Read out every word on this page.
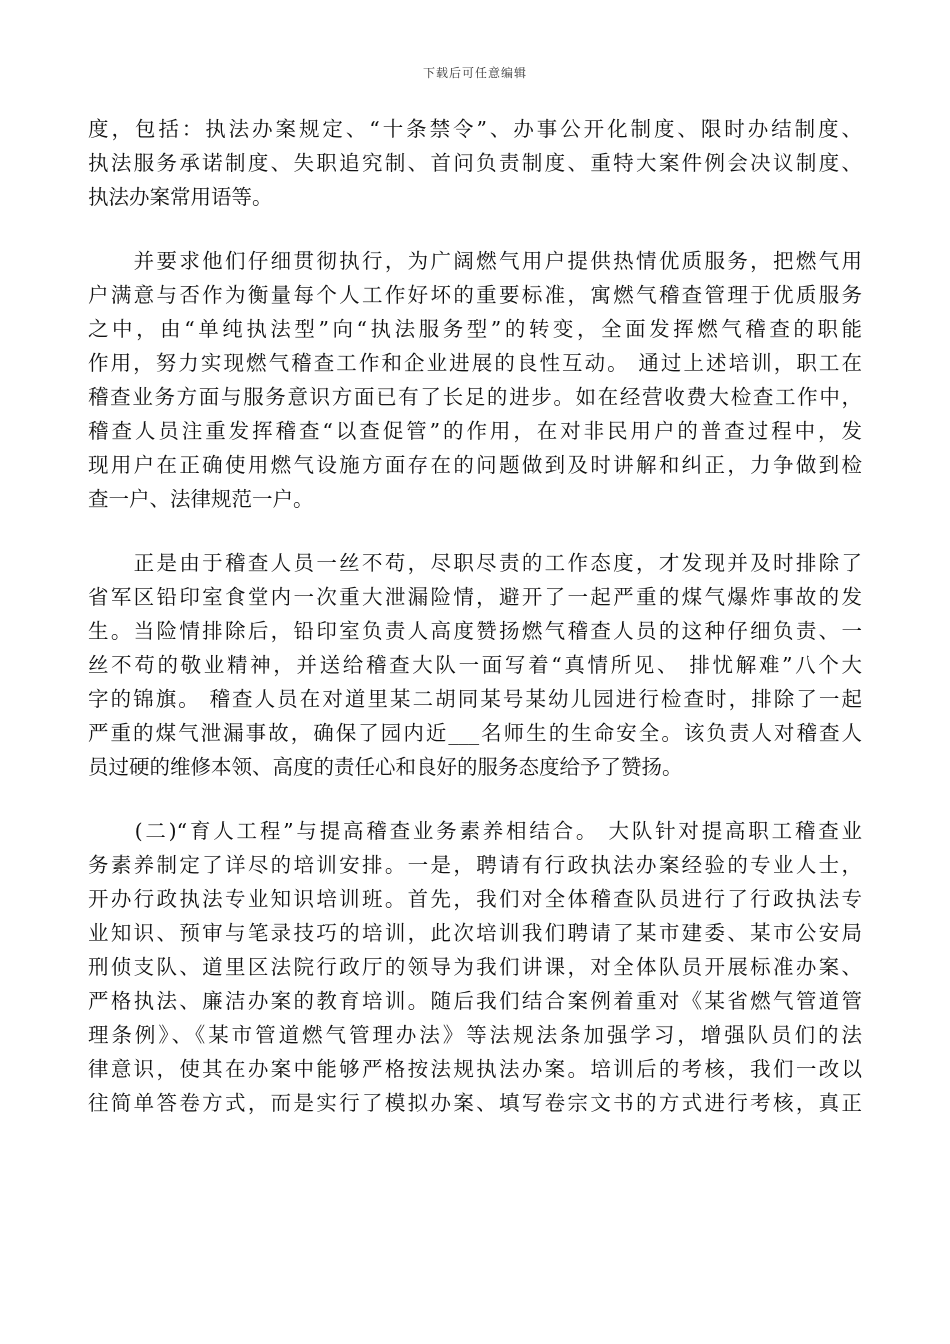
下载后可任意编辑
度，包括：执法办案规定、“十条禁令”、办事公开化制度、限时办结制度、
执法服务承诺制度、失职追究制、首问负责制度、重特大案件例会决议制度、
执法办案常用语等。
　　并要求他们仔细贯彻执行，为广阔燃气用户提供热情优质服务，把燃气用
户满意与否作为衡量每个人工作好坏的重要标准，寓燃气稽查管理于优质服务
之中，由“单纯执法型”向“执法服务型”的转变，全面发挥燃气稽查的职能
作用，努力实现燃气稽查工作和企业进展的良性互动。 通过上述培训，职工在
稽查业务方面与服务意识方面已有了长足的进步。如在经营收费大检查工作中，
稽查人员注重发挥稽查“以查促管”的作用，在对非民用户的普查过程中，发
现用户在正确使用燃气设施方面存在的问题做到及时讲解和纠正，力争做到检
查一户、法律规范一户。
　　正是由于稽查人员一丝不苟，尽职尽责的工作态度，才发现并及时排除了
省军区铅印室食堂内一次重大泄漏险情，避开了一起严重的煤气爆炸事故的发
生。当险情排除后，铅印室负责人高度赞扬燃气稽查人员的这种仔细负责、一
丝不苟的敬业精神，并送给稽查大队一面写着“真情所见、 排忧解难”八个大
字的锦旗。 稽查人员在对道里某二胡同某号某幼儿园进行检查时，排除了一起
严重的煤气泄漏事故，确保了园内近___名师生的生命安全。该负责人对稽查人
员过硬的维修本领、高度的责任心和良好的服务态度给予了赞扬。
　　(二)“育人工程”与提高稽查业务素养相结合。 大队针对提高职工稽查业
务素养制定了详尽的培训安排。一是，聘请有行政执法办案经验的专业人士，
开办行政执法专业知识培训班。首先，我们对全体稽查队员进行了行政执法专
业知识、预审与笔录技巧的培训，此次培训我们聘请了某市建委、某市公安局
刑侦支队、道里区法院行政厅的领导为我们讲课，对全体队员开展标准办案、
严格执法、廉洁办案的教育培训。随后我们结合案例着重对《某省燃气管道管
理条例》、《某市管道燃气管理办法》等法规法条加强学习，增强队员们的法
律意识，使其在办案中能够严格按法规执法办案。培训后的考核，我们一改以
往简单答卷方式，而是实行了模拟办案、填写卷宗文书的方式进行考核，真正
